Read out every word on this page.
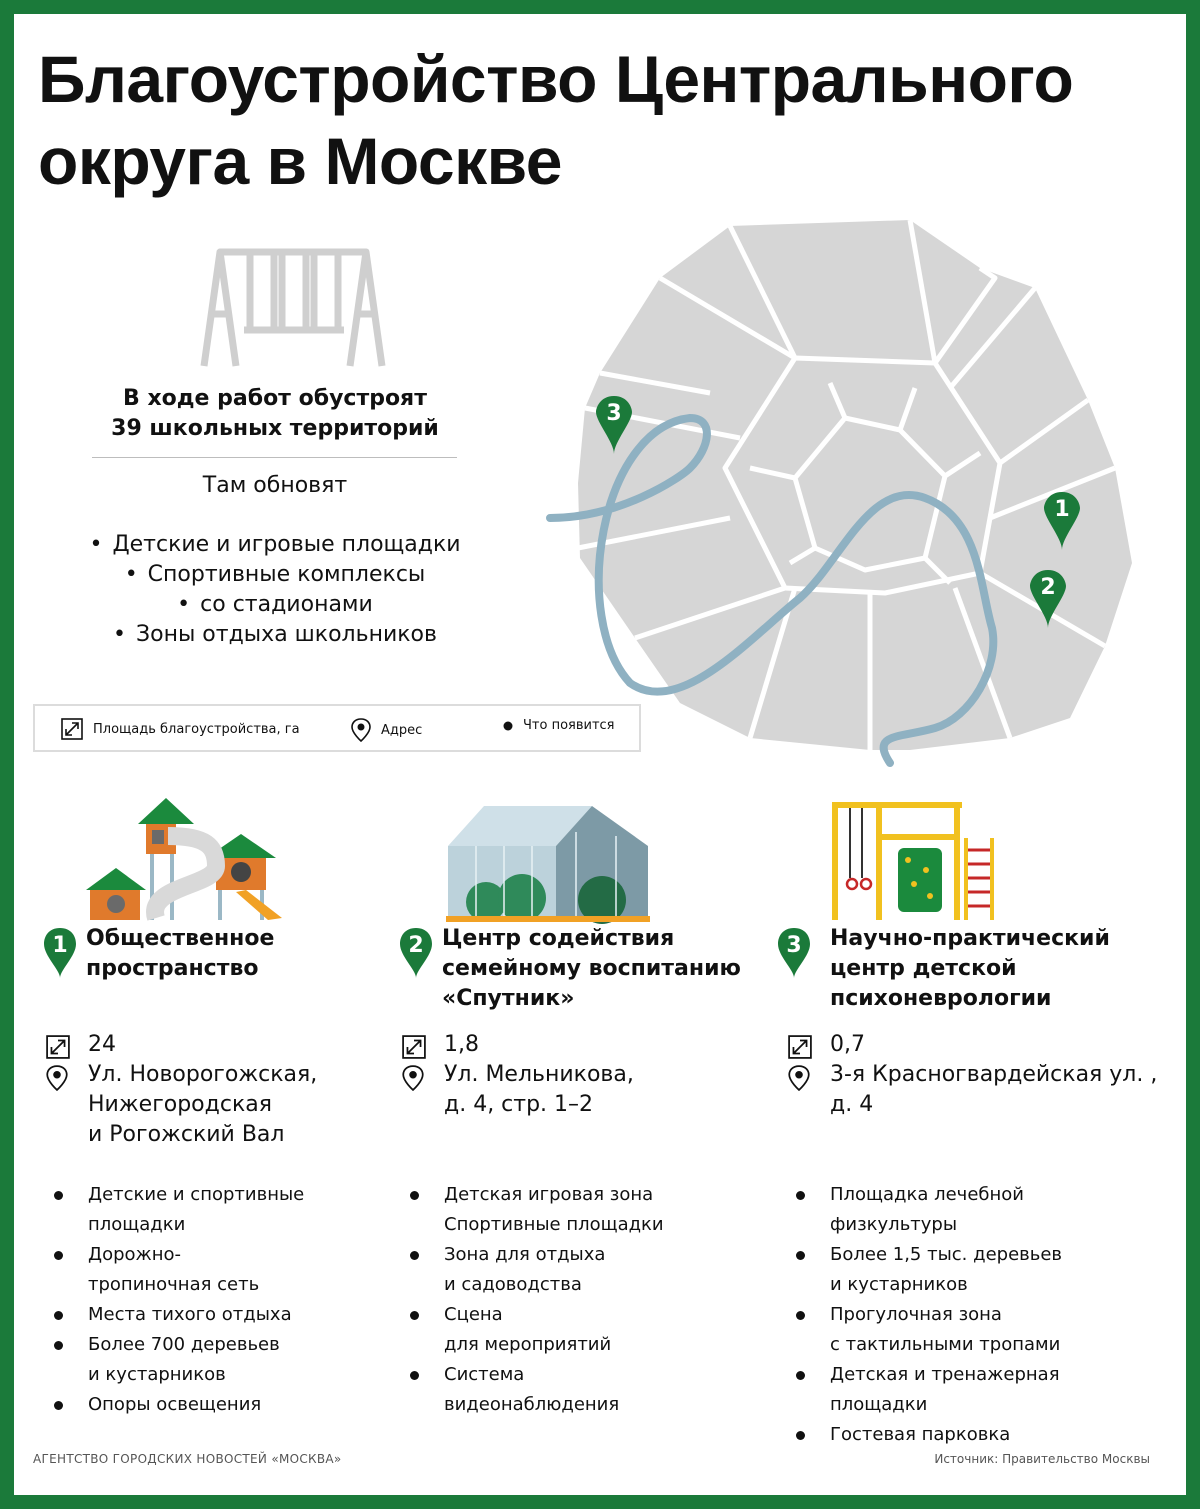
Благоустройство Центрального
округа в Москве
В ходе работ обустроят
39 школьных территорий
Там обновят
• Детские и игровые площадки
• Спортивные комплексы
• со стадионами
• Зоны отдыха школьников
1
2
3
Площадь благоустройства, га	Адрес	Что появится
1 Общественное
пространство
24
Ул. Новорогожская,
Нижегородская
и Рогожский Вал
Детские и спортивные
площадки
Дорожно-
тропиночная сеть
Места тихого отдыха
Более 700 деревьев
и кустарников
Опоры освещения
2 Центр содействия
семейному воспитанию
«Спутник»
1,8
Ул. Мельникова,
д. 4, стр. 1–2
Детская игровая зона
Спортивные площадки
Зона для отдыха
и садоводства
Сцена
для мероприятий
Система
видеонаблюдения
3 Научно-практический
центр детской
психоневрологии
0,7
3-я Красногвардейская ул. ,
д. 4
Площадка лечебной
физкультуры
Более 1,5 тыс. деревьев
и кустарников
Прогулочная зона
с тактильными тропами
Детская и тренажерная
площадки
Гостевая парковка
АГЕНТСТВО ГОРОДСКИХ НОВОСТЕЙ «МОСКВА»	Источник: Правительство Москвы
